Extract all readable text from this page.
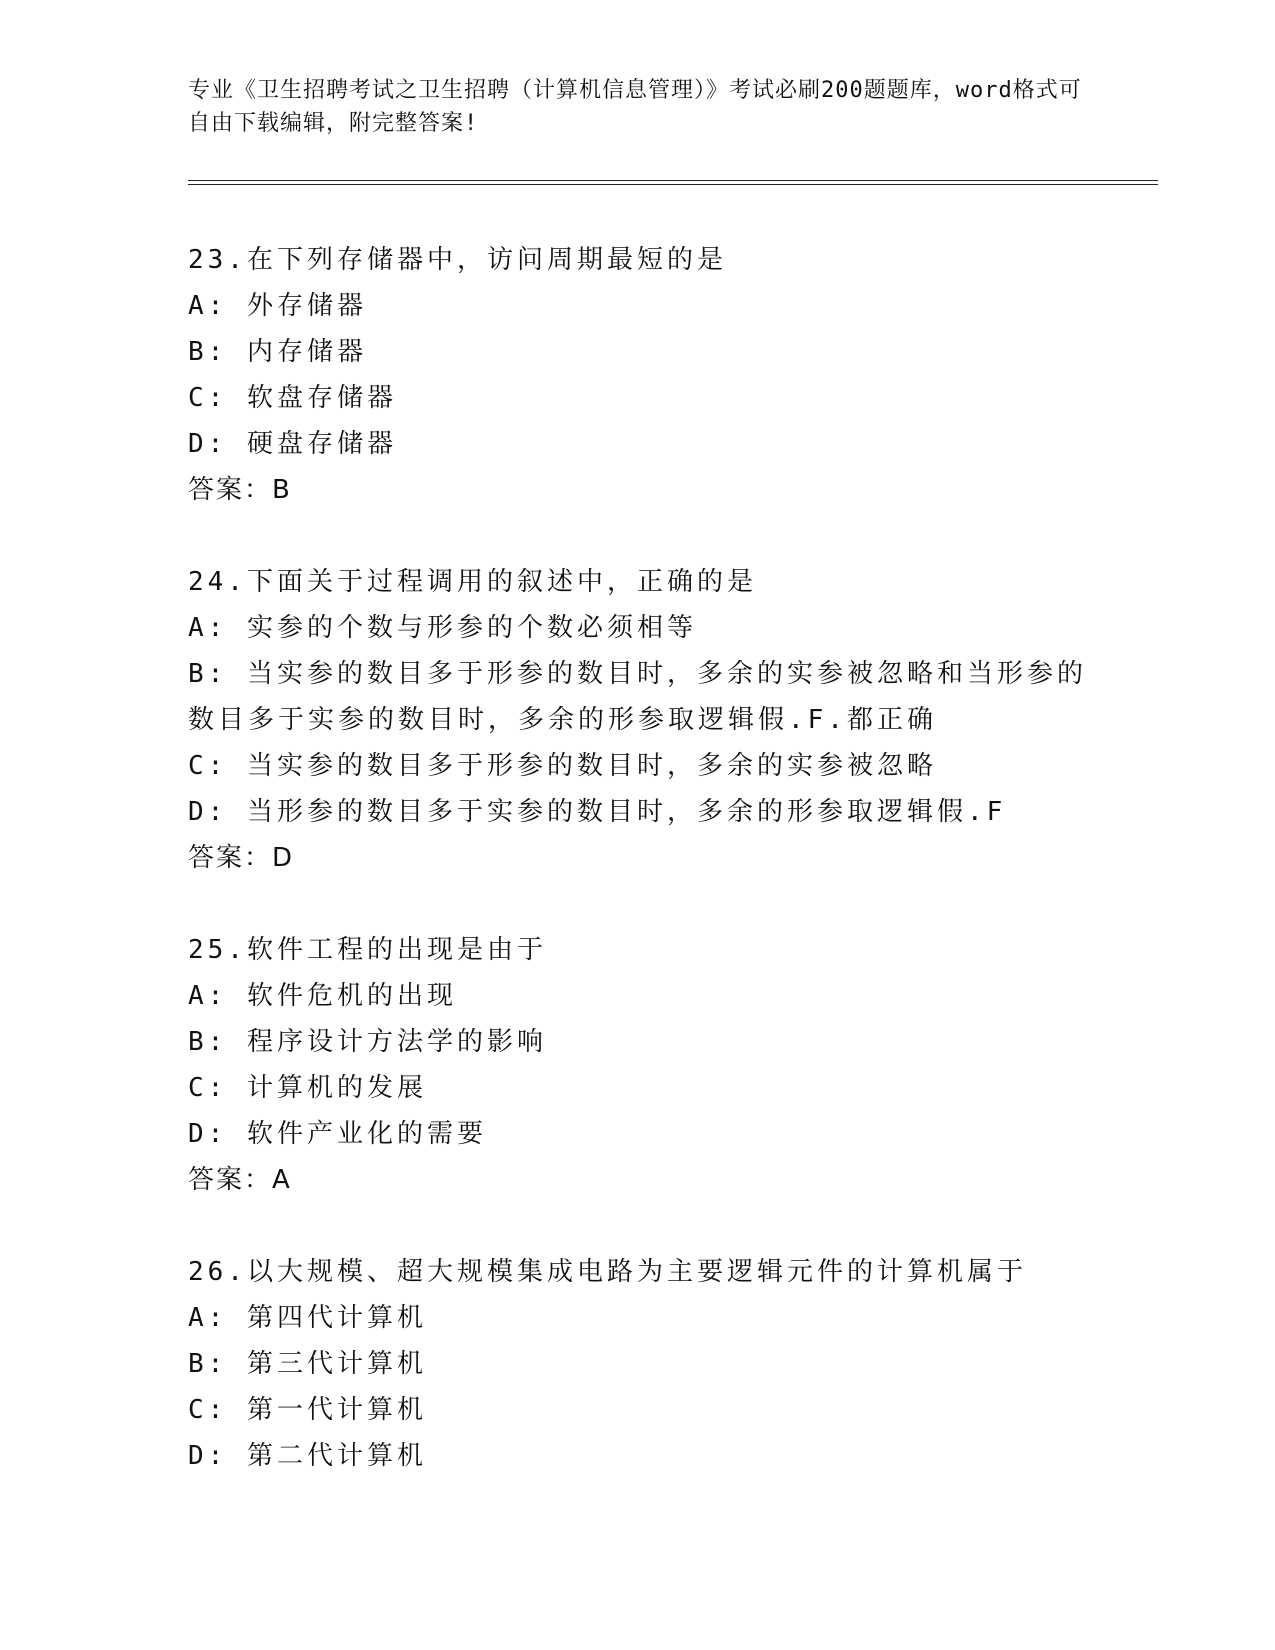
专业《卫生招聘考试之卫生招聘（计算机信息管理）》考试必刷200题题库，word格式可自由下载编辑，附完整答案!
23.在下列存储器中，访问周期最短的是
A: 外存储器
B: 内存储器
C: 软盘存储器
D: 硬盘存储器
答案：B
24.下面关于过程调用的叙述中，正确的是
A: 实参的个数与形参的个数必须相等
B: 当实参的数目多于形参的数目时，多余的实参被忽略和当形参的数目多于实参的数目时，多余的形参取逻辑假.F.都正确
C: 当实参的数目多于形参的数目时，多余的实参被忽略
D: 当形参的数目多于实参的数目时，多余的形参取逻辑假.F
答案：D
25.软件工程的出现是由于
A: 软件危机的出现
B: 程序设计方法学的影响
C: 计算机的发展
D: 软件产业化的需要
答案：A
26.以大规模、超大规模集成电路为主要逻辑元件的计算机属于
A: 第四代计算机
B: 第三代计算机
C: 第一代计算机
D: 第二代计算机
